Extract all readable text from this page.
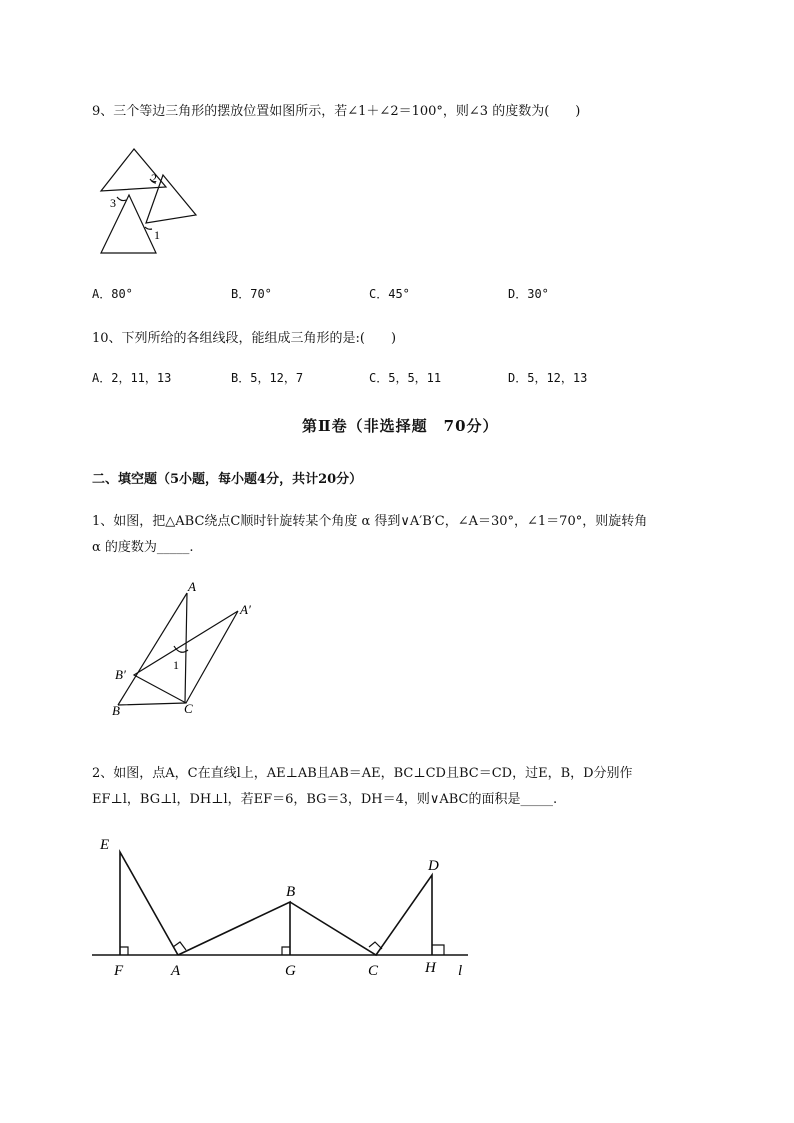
9、三个等边三角形的摆放位置如图所示，若∠1＋∠2＝100°，则∠3 的度数为(　　)
2
3
1
A．80°	B．70°	C．45°	D．30°
10、下列所给的各组线段，能组成三角形的是:(　　)
A．2，11，13	B．5，12，7	C．5，5，11	D．5，12，13
第Ⅱ卷（非选择题　70分）
二、填空题（5小题，每小题4分，共计20分）
1、如图，把△ABC绕点C顺时针旋转某个角度 α 得到∨A′B′C，∠A＝30°，∠1＝70°，则旋转角
α 的度数为_____.
A
A′
B′
1
B	C
2、如图，点A，C在直线l上，AE⊥AB且AB＝AE，BC⊥CD且BC＝CD，过E，B，D分别作
EF⊥l，BG⊥l，DH⊥l，若EF＝6，BG＝3，DH＝4，则∨ABC的面积是_____.
E
F	A
B
G	C
D
H l
